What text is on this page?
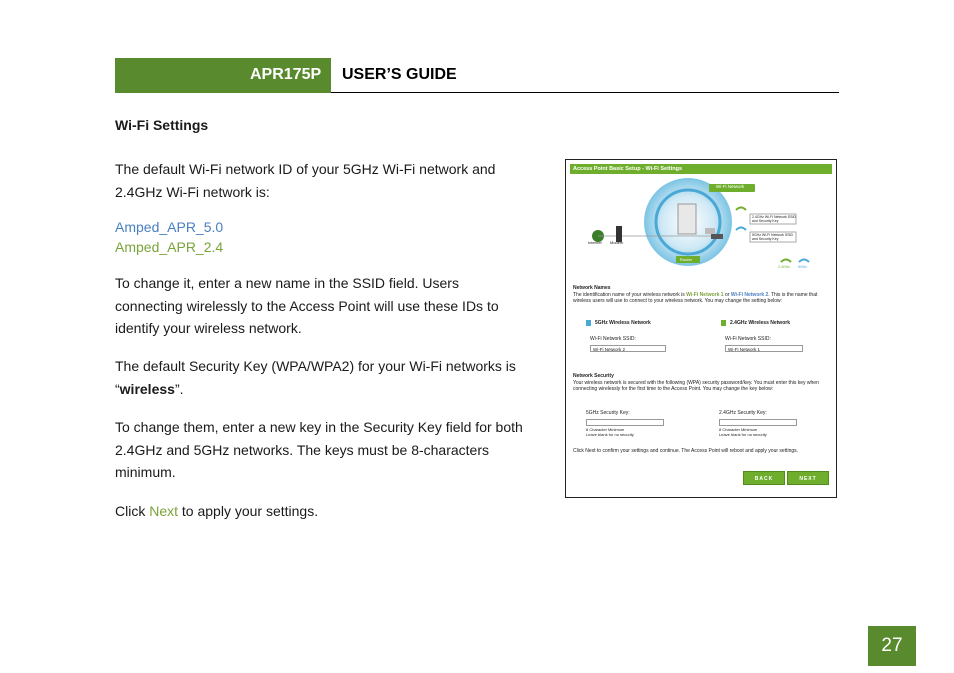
APR175P USER’S GUIDE
Wi-Fi Settings
The default Wi-Fi network ID of your 5GHz Wi-Fi network and
2.4GHz Wi-Fi network is:
Amped_APR_5.0
Amped_APR_2.4
To change it, enter a new name in the SSID field. Users
connecting wirelessly to the Access Point will use these IDs to
identify your wireless network.
The default Security Key (WPA/WPA2) for your Wi-Fi networks is
“wireless”.
To change them, enter a new key in the Security Key field for both
2.4GHz and 5GHz networks. The keys must be 8-characters
minimum.
Click Next to apply your settings.
Access Point Basic Setup - Wi-Fi Settings
Wi-Fi Network
Internet Modem
Router
2.4GHz Wi-Fi Network SSID and Security Key
5GHz Wi-Fi Network SSID and Security Key
2.4GHz 5GHz
Network Names
The identification name of your wireless network is Wi-Fi Network 1 or Wi-Fi Network 2. This is the name that wireless users will use to connect to your wireless network. You may change the setting below:
5GHz Wireless Network	2.4GHz Wireless Network
Wi-Fi Network SSID:
Wi-Fi Network 2
Wi-Fi Network SSID:
Wi-Fi Network 1
Network Security
Your wireless network is secured with the following (WPA) security password/key. You must enter this key when connecting wirelessly for the first time to the Access Point. You may change the key below:
5GHz Security Key:
8 Character Minimum
Leave blank for no security
2.4GHz Security Key:
8 Character Minimum
Leave blank for no security
Click Next to confirm your settings and continue. The Access Point will reboot and apply your settings.
BACK	NEXT
27
